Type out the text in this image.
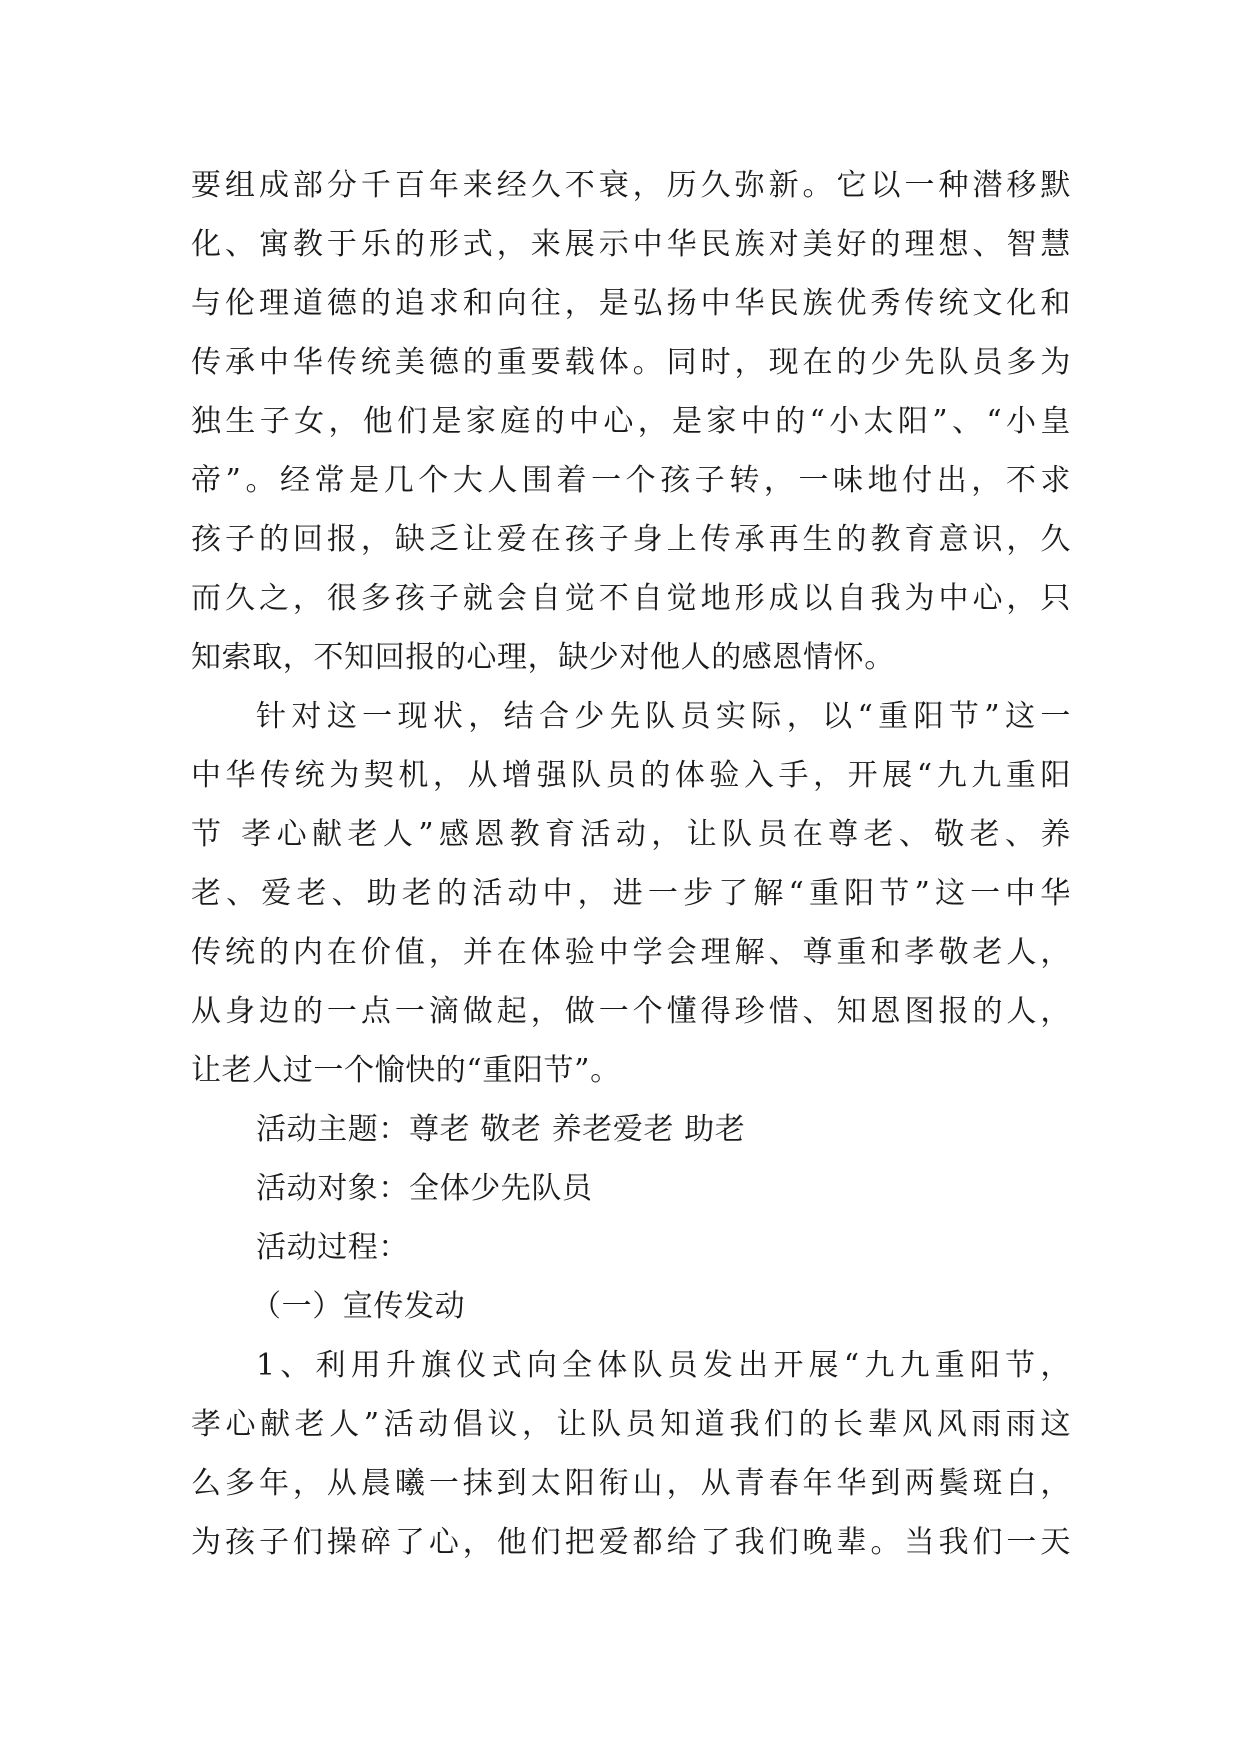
要组成部分千百年来经久不衰，历久弥新。它以一种潜移默
化、寓教于乐的形式，来展示中华民族对美好的理想、智慧
与伦理道德的追求和向往，是弘扬中华民族优秀传统文化和
传承中华传统美德的重要载体。同时，现在的少先队员多为
独生子女，他们是家庭的中心，是家中的“小太阳”、“小皇
帝”。经常是几个大人围着一个孩子转，一味地付出，不求
孩子的回报，缺乏让爱在孩子身上传承再生的教育意识，久
而久之，很多孩子就会自觉不自觉地形成以自我为中心，只
知索取，不知回报的心理，缺少对他人的感恩情怀。
针对这一现状，结合少先队员实际，以“重阳节”这一
中华传统为契机，从增强队员的体验入手，开展“九九重阳
节 孝心献老人”感恩教育活动，让队员在尊老、敬老、养
老、爱老、助老的活动中，进一步了解“重阳节”这一中华
传统的内在价值，并在体验中学会理解、尊重和孝敬老人，
从身边的一点一滴做起，做一个懂得珍惜、知恩图报的人，
让老人过一个愉快的“重阳节”。
活动主题：尊老 敬老 养老爱老 助老
活动对象：全体少先队员
活动过程：
（一）宣传发动
1、利用升旗仪式向全体队员发出开展“九九重阳节，
孝心献老人”活动倡议，让队员知道我们的长辈风风雨雨这
么多年，从晨曦一抹到太阳衔山，从青春年华到两鬓斑白，
为孩子们操碎了心，他们把爱都给了我们晚辈。当我们一天
